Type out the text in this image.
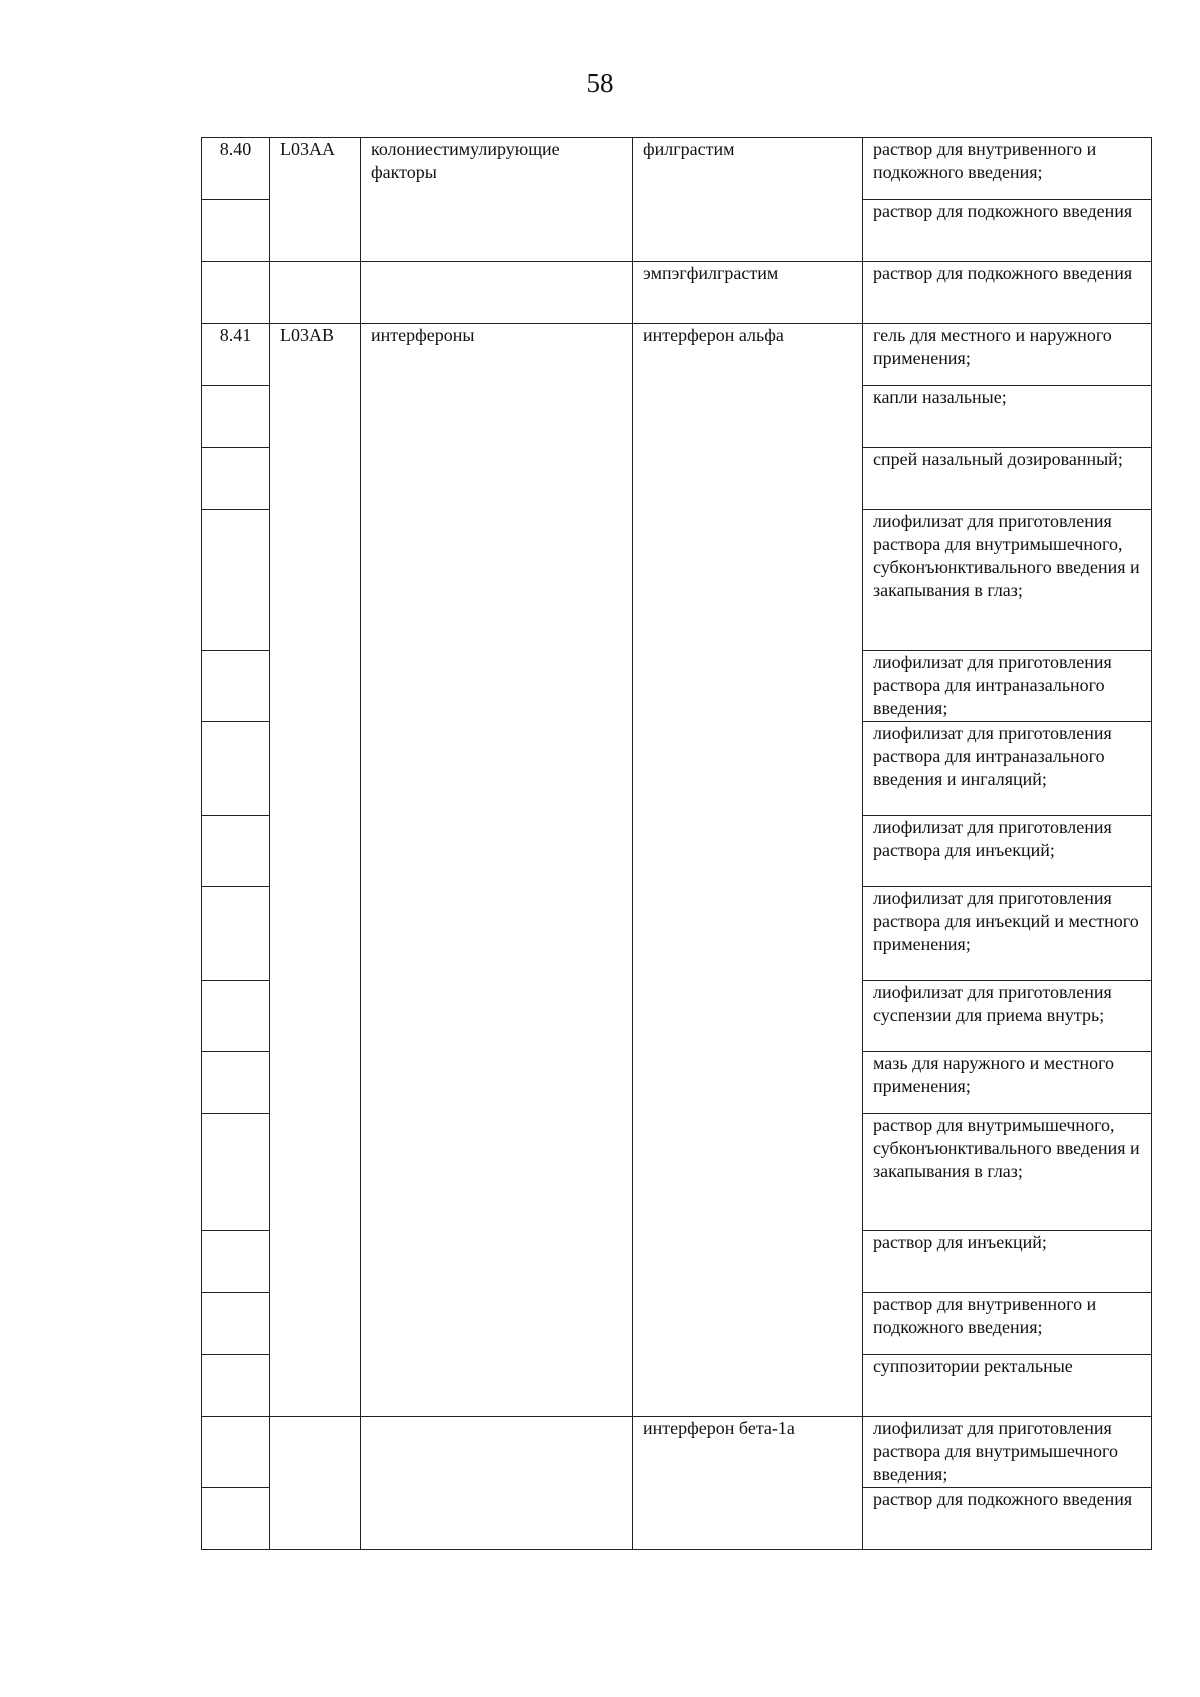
58
8.40	L03AA	колониестимулирующие факторы	филграстим	раствор для внутривенного и подкожного введения;

				раствор для подкожного введения

			эмпэгфилграстим	раствор для подкожного введения

8.41	L03AB	интерфероны	интерферон альфа	гель для местного и наружного применения;

				капли назальные;

				спрей назальный дозированный;

				лиофилизат для приготовления раствора для внутримышечного, субконъюнктивального введения и закапывания в глаз;

				лиофилизат для приготовления раствора для интраназального введения;

				лиофилизат для приготовления раствора для интраназального введения и ингаляций;

				лиофилизат для приготовления раствора для инъекций;

				лиофилизат для приготовления раствора для инъекций и местного применения;

				лиофилизат для приготовления суспензии для приема внутрь;

				мазь для наружного и местного применения;

				раствор для внутримышечного, субконъюнктивального введения и закапывания в глаз;

				раствор для инъекций;

				раствор для внутривенного и подкожного введения;

				суппозитории ректальные

			интерферон бета-1a	лиофилизат для приготовления раствора для внутримышечного введения;

				раствор для подкожного введения
